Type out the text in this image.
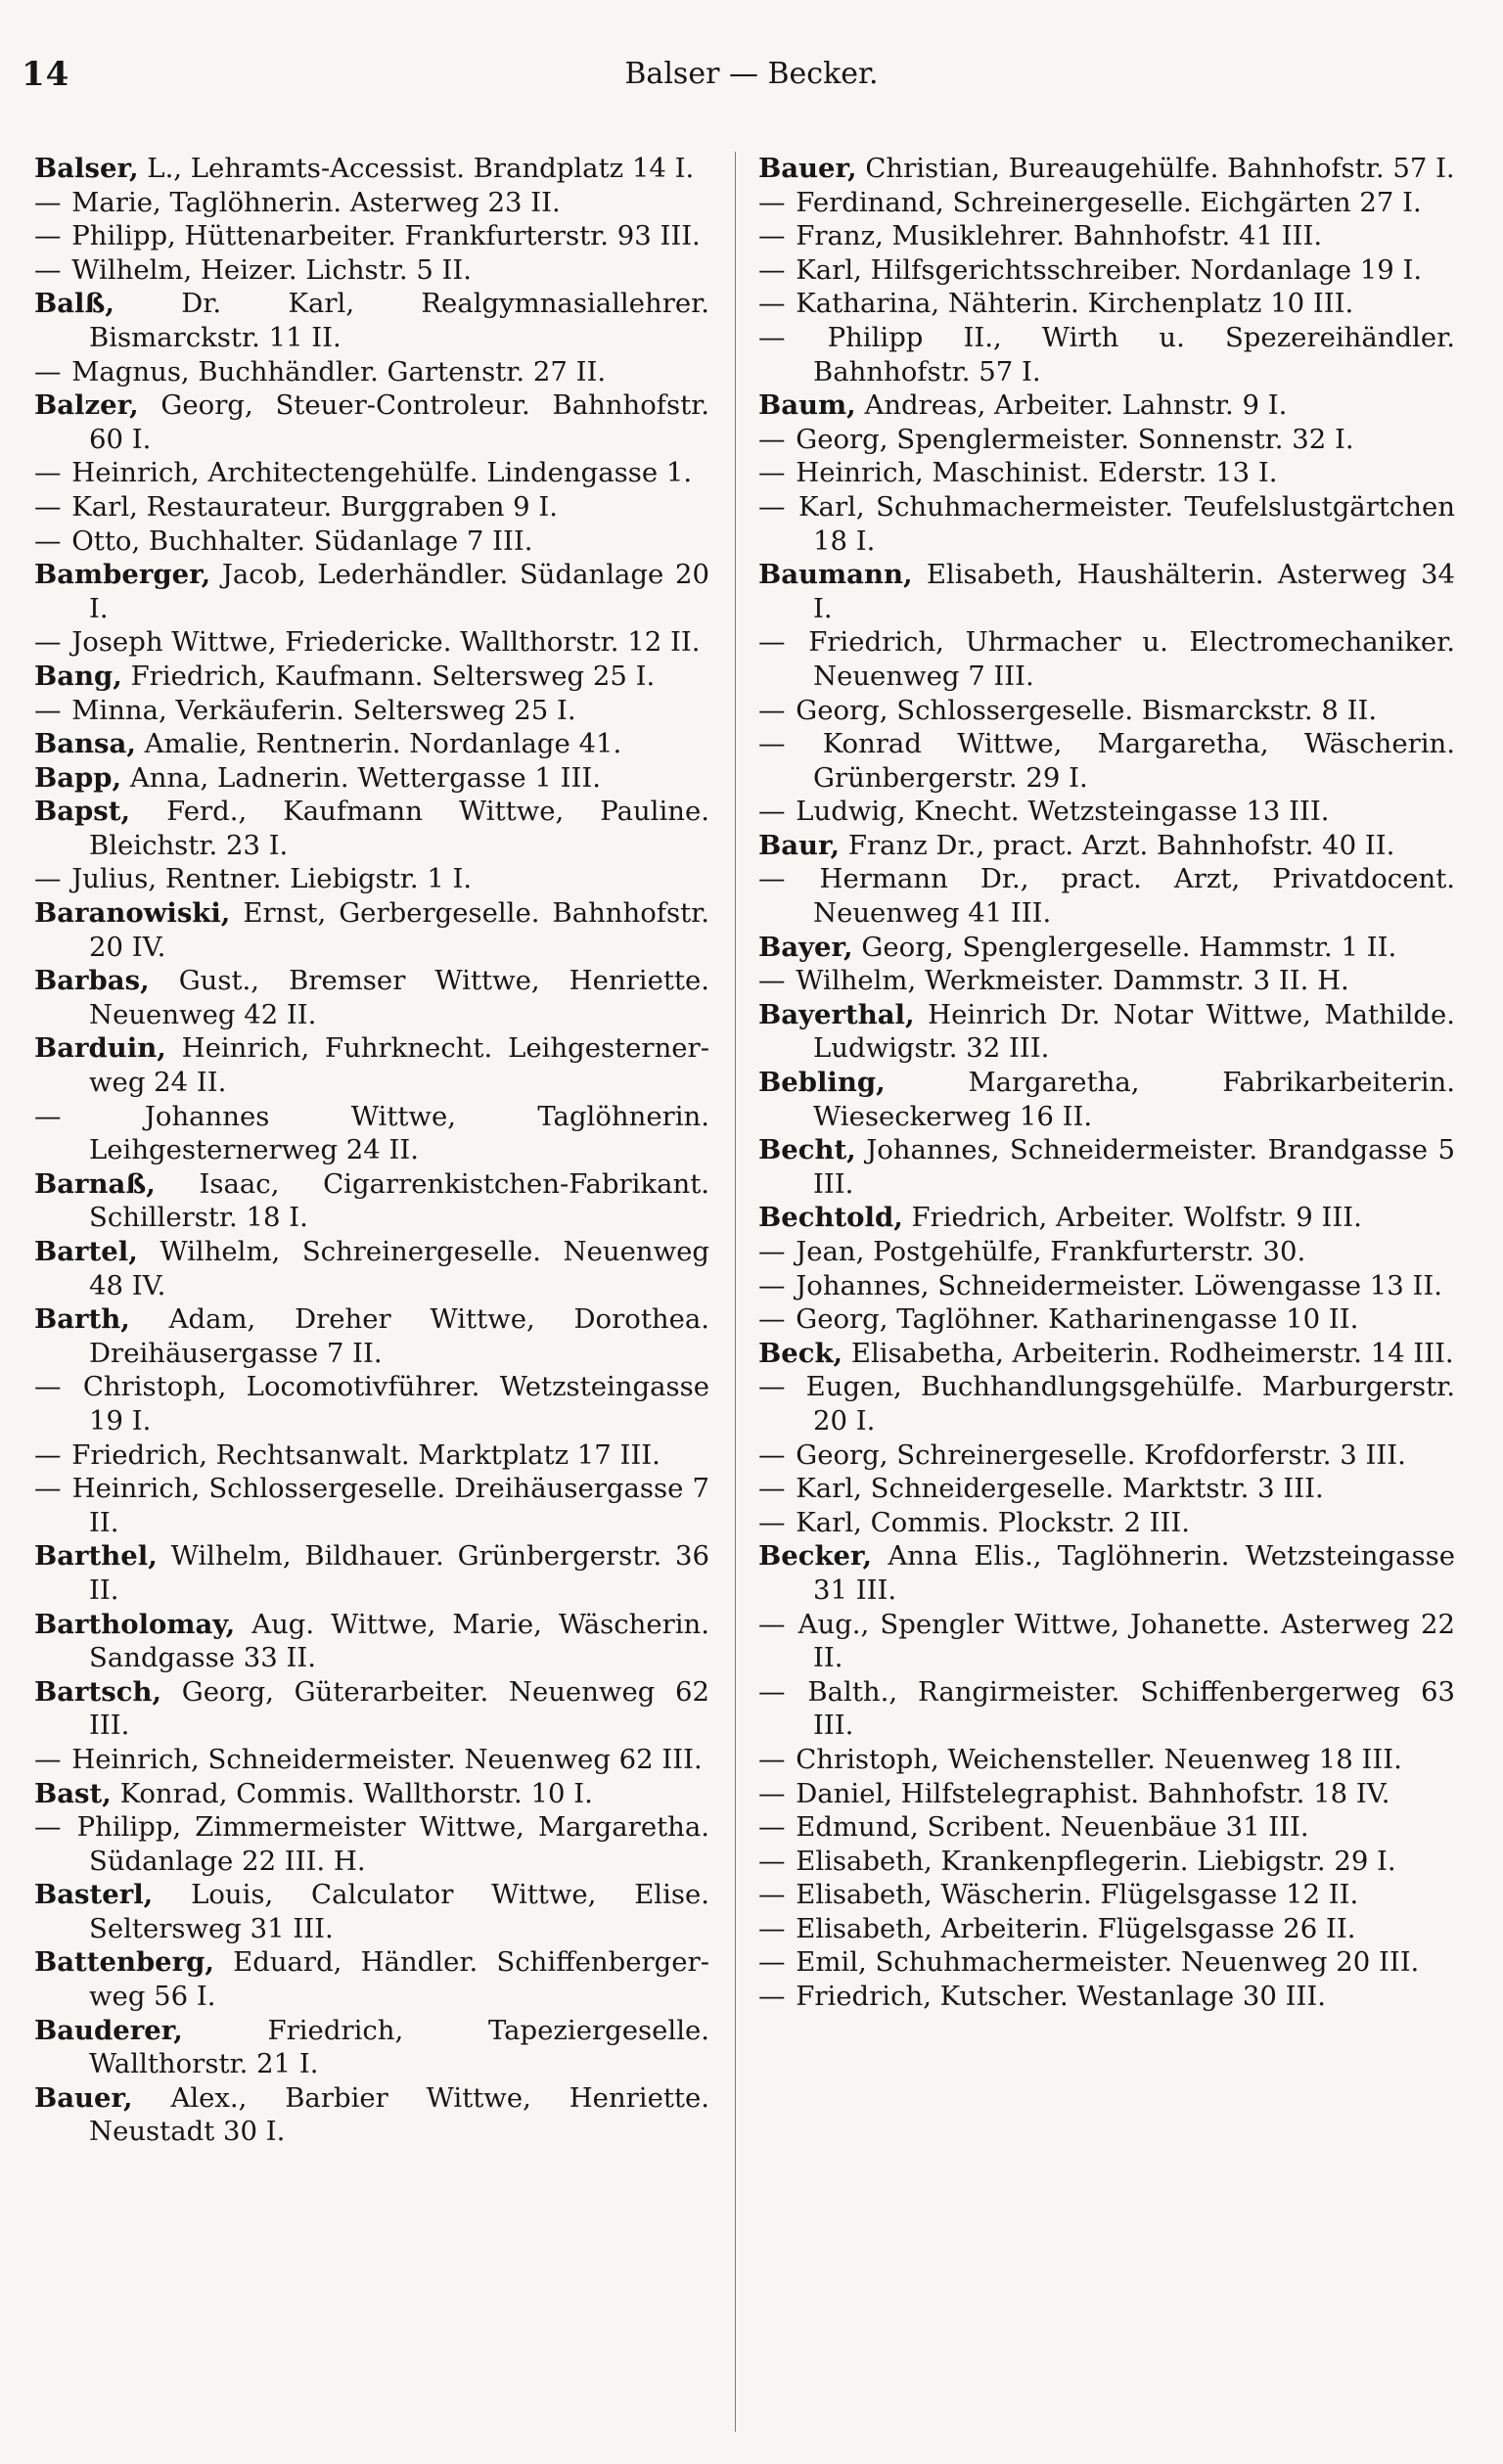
14	Balser — Becker.
Balser, L., Lehramts-Accessist. Brandplatz 14 I.
— Marie, Taglöhnerin. Asterweg 23 II.
— Philipp, Hüttenarbeiter. Frankfurterstr. 93 III.
— Wilhelm, Heizer. Lichstr. 5 II.
Balß, Dr. Karl, Realgymnasiallehrer. Bismarckstr. 11 II.
— Magnus, Buchhändler. Gartenstr. 27 II.
Balzer, Georg, Steuer-Controleur. Bahnhofstr. 60 I.
— Heinrich, Architectengehülfe. Lindengasse 1.
— Karl, Restaurateur. Burggraben 9 I.
— Otto, Buchhalter. Südanlage 7 III.
Bamberger, Jacob, Lederhändler. Südanlage 20 I.
— Joseph Wittwe, Friedericke. Wallthorstr. 12 II.
Bang, Friedrich, Kaufmann. Seltersweg 25 I.
— Minna, Verkäuferin. Seltersweg 25 I.
Bansa, Amalie, Rentnerin. Nordanlage 41.
Bapp, Anna, Ladnerin. Wettergasse 1 III.
Bapst, Ferd., Kaufmann Wittwe, Pauline. Bleichstr. 23 I.
— Julius, Rentner. Liebigstr. 1 I.
Baranowiski, Ernst, Gerbergeselle. Bahnhofstr. 20 IV.
Barbas, Gust., Bremser Wittwe, Henriette. Neuenweg 42 II.
Barduin, Heinrich, Fuhrknecht. Leihgesterner-weg 24 II.
— Johannes Wittwe, Taglöhnerin. Leihgesternerweg 24 II.
Barnaß, Isaac, Cigarrenkistchen-Fabrikant. Schillerstr. 18 I.
Bartel, Wilhelm, Schreinergeselle. Neuenweg 48 IV.
Barth, Adam, Dreher Wittwe, Dorothea. Dreihäusergasse 7 II.
— Christoph, Locomotivführer. Wetzsteingasse 19 I.
— Friedrich, Rechtsanwalt. Marktplatz 17 III.
— Heinrich, Schlossergeselle. Dreihäusergasse 7 II.
Barthel, Wilhelm, Bildhauer. Grünbergerstr. 36 II.
Bartholomay, Aug. Wittwe, Marie, Wäscherin. Sandgasse 33 II.
Bartsch, Georg, Güterarbeiter. Neuenweg 62 III.
— Heinrich, Schneidermeister. Neuenweg 62 III.
Bast, Konrad, Commis. Wallthorstr. 10 I.
— Philipp, Zimmermeister Wittwe, Margaretha. Südanlage 22 III. H.
Basterl, Louis, Calculator Wittwe, Elise. Seltersweg 31 III.
Battenberg, Eduard, Händler. Schiffenberger-weg 56 I.
Bauderer, Friedrich, Tapeziergeselle. Wallthorstr. 21 I.
Bauer, Alex., Barbier Wittwe, Henriette. Neustadt 30 I.
Bauer, Christian, Bureaugehülfe. Bahnhofstr. 57 I.
— Ferdinand, Schreinergeselle. Eichgärten 27 I.
— Franz, Musiklehrer. Bahnhofstr. 41 III.
— Karl, Hilfsgerichtsschreiber. Nordanlage 19 I.
— Katharina, Nähterin. Kirchenplatz 10 III.
— Philipp II., Wirth u. Spezereihändler. Bahnhofstr. 57 I.
Baum, Andreas, Arbeiter. Lahnstr. 9 I.
— Georg, Spenglermeister. Sonnenstr. 32 I.
— Heinrich, Maschinist. Ederstr. 13 I.
— Karl, Schuhmachermeister. Teufelslustgärtchen 18 I.
Baumann, Elisabeth, Haushälterin. Asterweg 34 I.
— Friedrich, Uhrmacher u. Electromechaniker. Neuenweg 7 III.
— Georg, Schlossergeselle. Bismarckstr. 8 II.
— Konrad Wittwe, Margaretha, Wäscherin. Grünbergerstr. 29 I.
— Ludwig, Knecht. Wetzsteingasse 13 III.
Baur, Franz Dr., pract. Arzt. Bahnhofstr. 40 II.
— Hermann Dr., pract. Arzt, Privatdocent. Neuenweg 41 III.
Bayer, Georg, Spenglergeselle. Hammstr. 1 II.
— Wilhelm, Werkmeister. Dammstr. 3 II. H.
Bayerthal, Heinrich Dr. Notar Wittwe, Mathilde. Ludwigstr. 32 III.
Bebling, Margaretha, Fabrikarbeiterin. Wieseckerweg 16 II.
Becht, Johannes, Schneidermeister. Brandgasse 5 III.
Bechtold, Friedrich, Arbeiter. Wolfstr. 9 III.
— Jean, Postgehülfe, Frankfurterstr. 30.
— Johannes, Schneidermeister. Löwengasse 13 II.
— Georg, Taglöhner. Katharinengasse 10 II.
Beck, Elisabetha, Arbeiterin. Rodheimerstr. 14 III.
— Eugen, Buchhandlungsgehülfe. Marburgerstr. 20 I.
— Georg, Schreinergeselle. Krofdorferstr. 3 III.
— Karl, Schneidergeselle. Marktstr. 3 III.
— Karl, Commis. Plockstr. 2 III.
Becker, Anna Elis., Taglöhnerin. Wetzsteingasse 31 III.
— Aug., Spengler Wittwe, Johanette. Asterweg 22 II.
— Balth., Rangirmeister. Schiffenbergerweg 63 III.
— Christoph, Weichensteller. Neuenweg 18 III.
— Daniel, Hilfstelegraphist. Bahnhofstr. 18 IV.
— Edmund, Scribent. Neuenbäue 31 III.
— Elisabeth, Krankenpflegerin. Liebigstr. 29 I.
— Elisabeth, Wäscherin. Flügelsgasse 12 II.
— Elisabeth, Arbeiterin. Flügelsgasse 26 II.
— Emil, Schuhmachermeister. Neuenweg 20 III.
— Friedrich, Kutscher. Westanlage 30 III.
